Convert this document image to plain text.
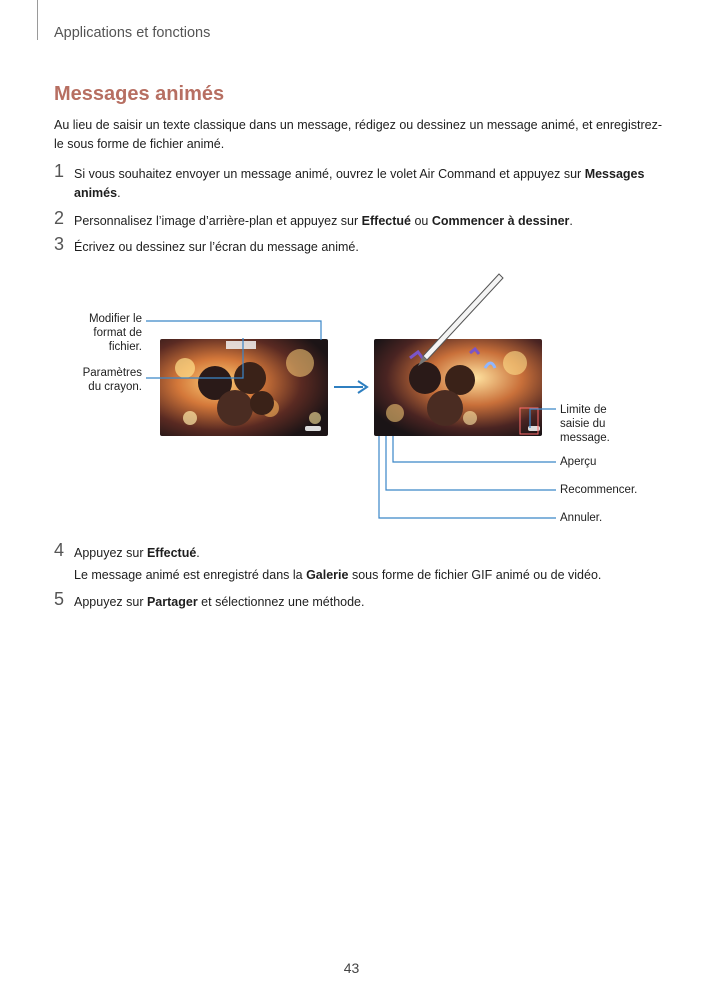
Applications et fonctions
Messages animés
Au lieu de saisir un texte classique dans un message, rédigez ou dessinez un message animé, et enregistrez-le sous forme de fichier animé.
1 Si vous souhaitez envoyer un message animé, ouvrez le volet Air Command et appuyez sur Messages animés.
2 Personnalisez l’image d’arrière-plan et appuyez sur Effectué ou Commencer à dessiner.
3 Écrivez ou dessinez sur l’écran du message animé.
Modifier le
format de
fichier.
Paramètres
du crayon.
Limite de
saisie du
message.
Aperçu
Recommencer.
Annuler.
4 Appuyez sur Effectué.
Le message animé est enregistré dans la Galerie sous forme de fichier GIF animé ou de vidéo.
5 Appuyez sur Partager et sélectionnez une méthode.
43
